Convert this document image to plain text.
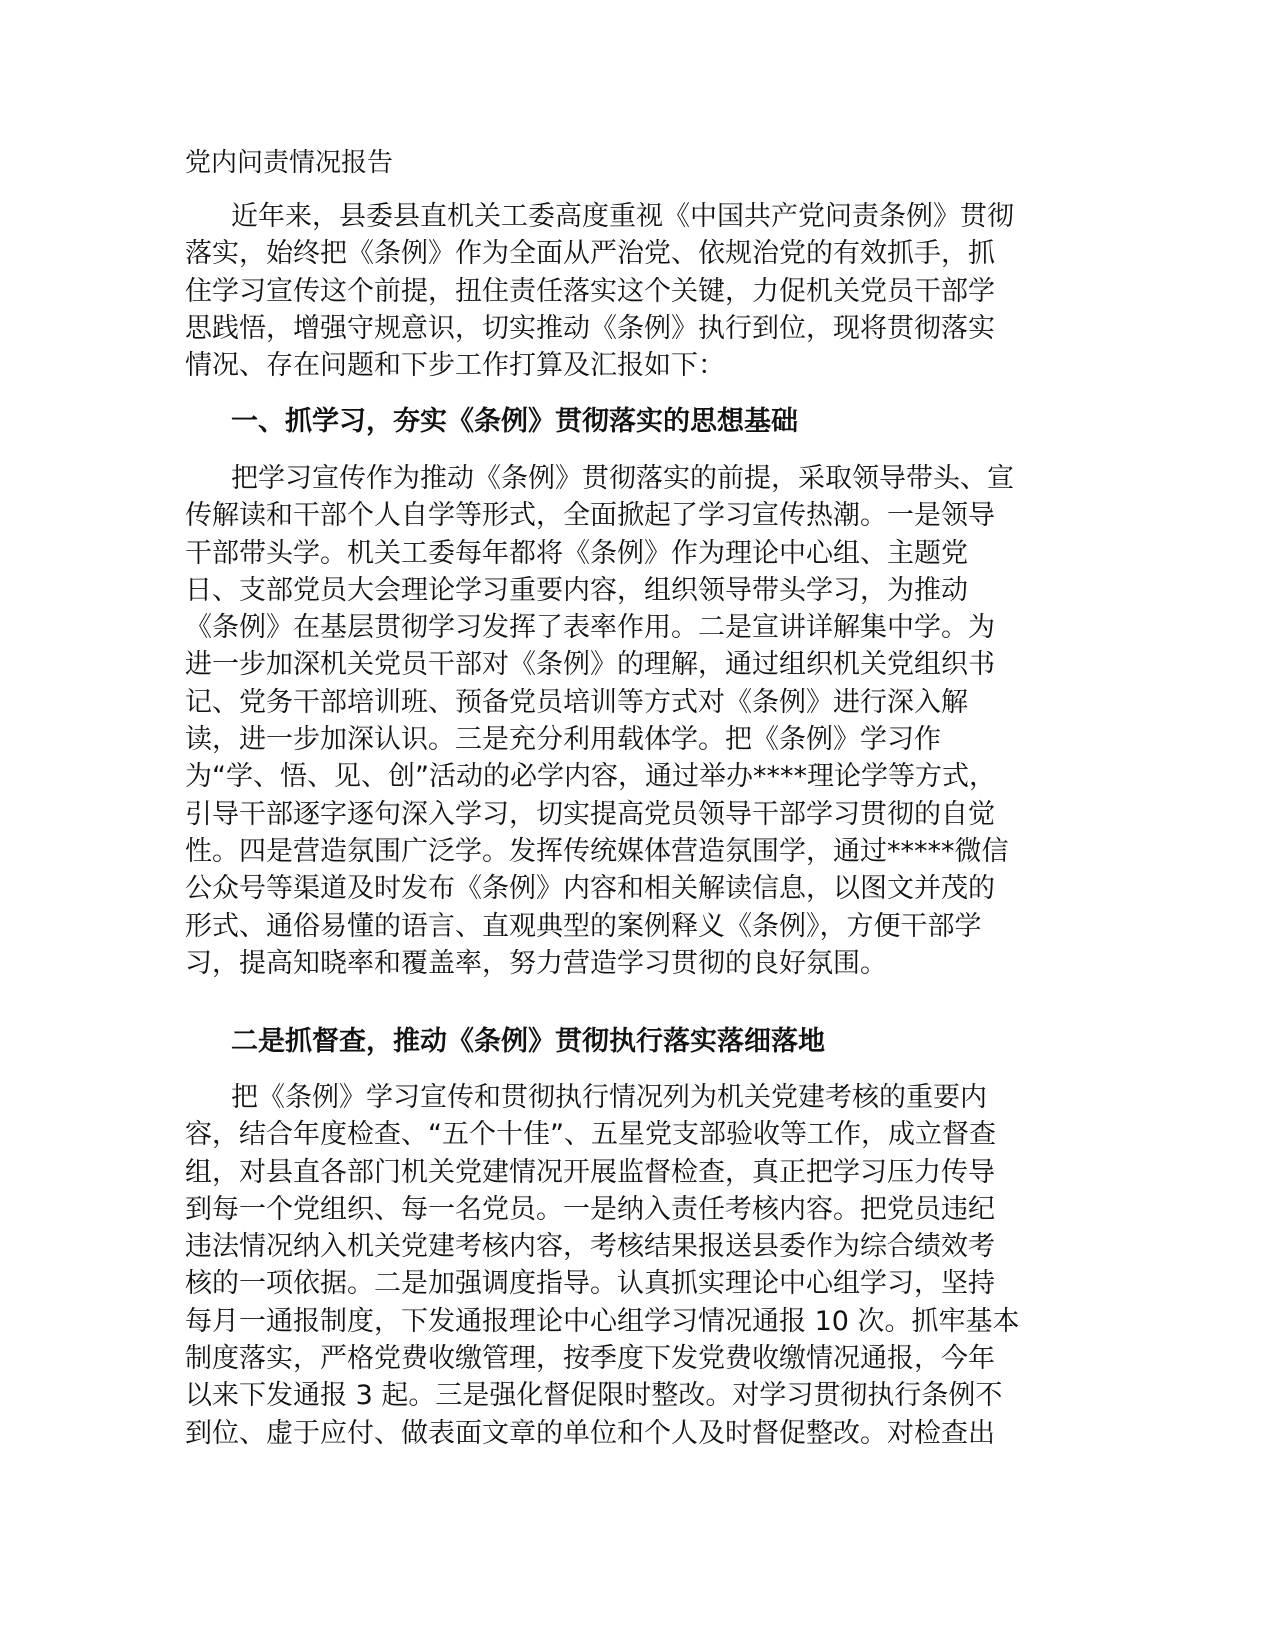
党内问责情况报告
近年来，县委县直机关工委高度重视《中国共产党问责条例》贯彻
落实，始终把《条例》作为全面从严治党、依规治党的有效抓手，抓
住学习宣传这个前提，扭住责任落实这个关键，力促机关党员干部学
思践悟，增强守规意识，切实推动《条例》执行到位，现将贯彻落实
情况、存在问题和下步工作打算及汇报如下：
一、抓学习，夯实《条例》贯彻落实的思想基础
把学习宣传作为推动《条例》贯彻落实的前提，采取领导带头、宣
传解读和干部个人自学等形式，全面掀起了学习宣传热潮。一是领导
干部带头学。机关工委每年都将《条例》作为理论中心组、主题党
日、支部党员大会理论学习重要内容，组织领导带头学习，为推动
《条例》在基层贯彻学习发挥了表率作用。二是宣讲详解集中学。为
进一步加深机关党员干部对《条例》的理解，通过组织机关党组织书
记、党务干部培训班、预备党员培训等方式对《条例》进行深入解
读，进一步加深认识。三是充分利用载体学。把《条例》学习作
为“学、悟、见、创”活动的必学内容，通过举办****理论学等方式，
引导干部逐字逐句深入学习，切实提高党员领导干部学习贯彻的自觉
性。四是营造氛围广泛学。发挥传统媒体营造氛围学，通过*****微信
公众号等渠道及时发布《条例》内容和相关解读信息，以图文并茂的
形式、通俗易懂的语言、直观典型的案例释义《条例》，方便干部学
习，提高知晓率和覆盖率，努力营造学习贯彻的良好氛围。
二是抓督查，推动《条例》贯彻执行落实落细落地
把《条例》学习宣传和贯彻执行情况列为机关党建考核的重要内
容，结合年度检查、“五个十佳”、五星党支部验收等工作，成立督查
组，对县直各部门机关党建情况开展监督检查，真正把学习压力传导
到每一个党组织、每一名党员。一是纳入责任考核内容。把党员违纪
违法情况纳入机关党建考核内容，考核结果报送县委作为综合绩效考
核的一项依据。二是加强调度指导。认真抓实理论中心组学习，坚持
每月一通报制度，下发通报理论中心组学习情况通报 10 次。抓牢基本
制度落实，严格党费收缴管理，按季度下发党费收缴情况通报，今年
以来下发通报 3 起。三是强化督促限时整改。对学习贯彻执行条例不
到位、虚于应付、做表面文章的单位和个人及时督促整改。对检查出
